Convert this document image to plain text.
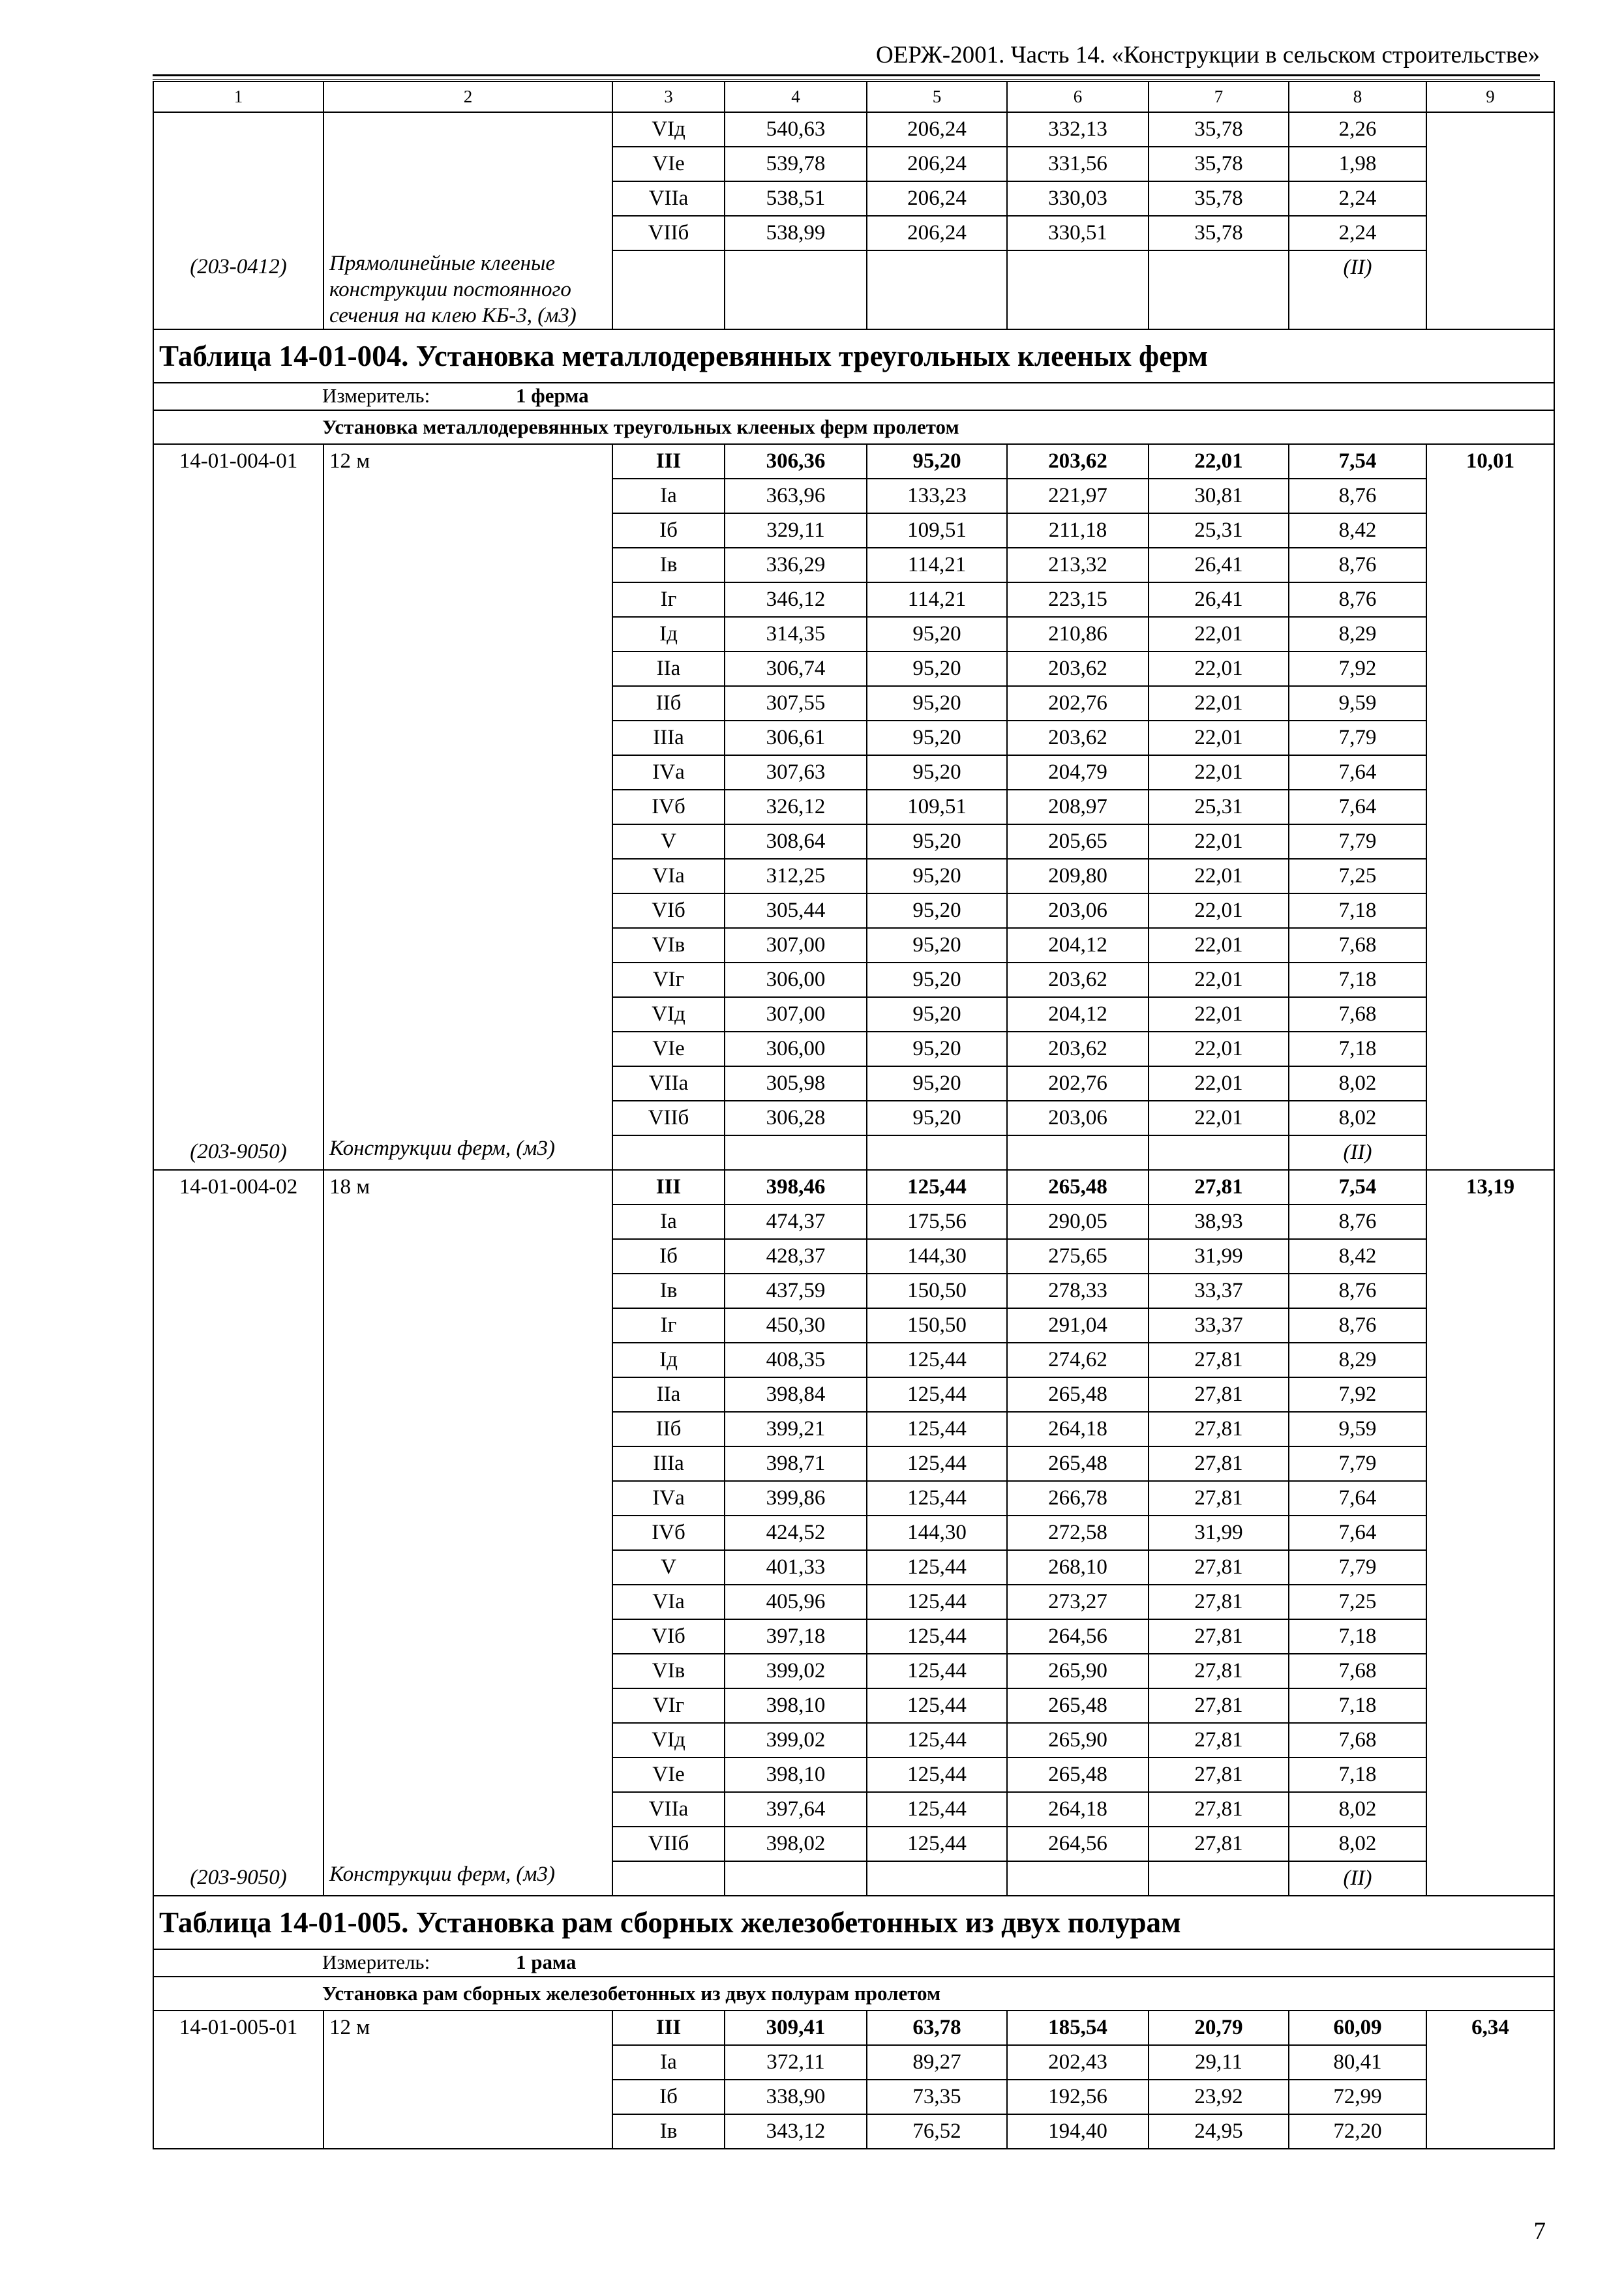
ОЕРЖ-2001. Часть 14. «Конструкции в сельском строительстве»
1	2	3	4	5	6	7	8	9
		VIд	540,63	206,24	332,13	35,78	2,26	
		VIе	539,78	206,24	331,56	35,78	1,98	
		VIIа	538,51	206,24	330,03	35,78	2,24	
		VIIб	538,99	206,24	330,51	35,78	2,24	
(203-0412)	Прямолинейные клееные конструкции постоянного сечения на клею КБ-3, (м3)						(II)	
Таблица 14-01-004. Установка металлодеревянных треугольных клееных ферм								
Измеритель: 1 ферма								
Установка металлодеревянных треугольных клееных ферм пролетом								
14-01-004-01	12 м	III	306,36	95,20	203,62	22,01	7,54	10,01
		Iа	363,96	133,23	221,97	30,81	8,76	
		Iб	329,11	109,51	211,18	25,31	8,42	
		Iв	336,29	114,21	213,32	26,41	8,76	
		Iг	346,12	114,21	223,15	26,41	8,76	
		Iд	314,35	95,20	210,86	22,01	8,29	
		IIа	306,74	95,20	203,62	22,01	7,92	
		IIб	307,55	95,20	202,76	22,01	9,59	
		IIIа	306,61	95,20	203,62	22,01	7,79	
		IVа	307,63	95,20	204,79	22,01	7,64	
		IVб	326,12	109,51	208,97	25,31	7,64	
		V	308,64	95,20	205,65	22,01	7,79	
		VIа	312,25	95,20	209,80	22,01	7,25	
		VIб	305,44	95,20	203,06	22,01	7,18	
		VIв	307,00	95,20	204,12	22,01	7,68	
		VIг	306,00	95,20	203,62	22,01	7,18	
		VIд	307,00	95,20	204,12	22,01	7,68	
		VIе	306,00	95,20	203,62	22,01	7,18	
		VIIа	305,98	95,20	202,76	22,01	8,02	
		VIIб	306,28	95,20	203,06	22,01	8,02	
(203-9050)	Конструкции ферм, (м3)						(II)	
14-01-004-02	18 м	III	398,46	125,44	265,48	27,81	7,54	13,19
		Iа	474,37	175,56	290,05	38,93	8,76	
		Iб	428,37	144,30	275,65	31,99	8,42	
		Iв	437,59	150,50	278,33	33,37	8,76	
		Iг	450,30	150,50	291,04	33,37	8,76	
		Iд	408,35	125,44	274,62	27,81	8,29	
		IIа	398,84	125,44	265,48	27,81	7,92	
		IIб	399,21	125,44	264,18	27,81	9,59	
		IIIа	398,71	125,44	265,48	27,81	7,79	
		IVа	399,86	125,44	266,78	27,81	7,64	
		IVб	424,52	144,30	272,58	31,99	7,64	
		V	401,33	125,44	268,10	27,81	7,79	
		VIа	405,96	125,44	273,27	27,81	7,25	
		VIб	397,18	125,44	264,56	27,81	7,18	
		VIв	399,02	125,44	265,90	27,81	7,68	
		VIг	398,10	125,44	265,48	27,81	7,18	
		VIд	399,02	125,44	265,90	27,81	7,68	
		VIе	398,10	125,44	265,48	27,81	7,18	
		VIIа	397,64	125,44	264,18	27,81	8,02	
		VIIб	398,02	125,44	264,56	27,81	8,02	
(203-9050)	Конструкции ферм, (м3)						(II)	
Таблица 14-01-005. Установка рам сборных железобетонных из двух полурам								
Измеритель: 1 рама								
Установка рам сборных железобетонных из двух полурам пролетом								
14-01-005-01	12 м	III	309,41	63,78	185,54	20,79	60,09	6,34
		Iа	372,11	89,27	202,43	29,11	80,41	
		Iб	338,90	73,35	192,56	23,92	72,99	
		Iв	343,12	76,52	194,40	24,95	72,20	
7
